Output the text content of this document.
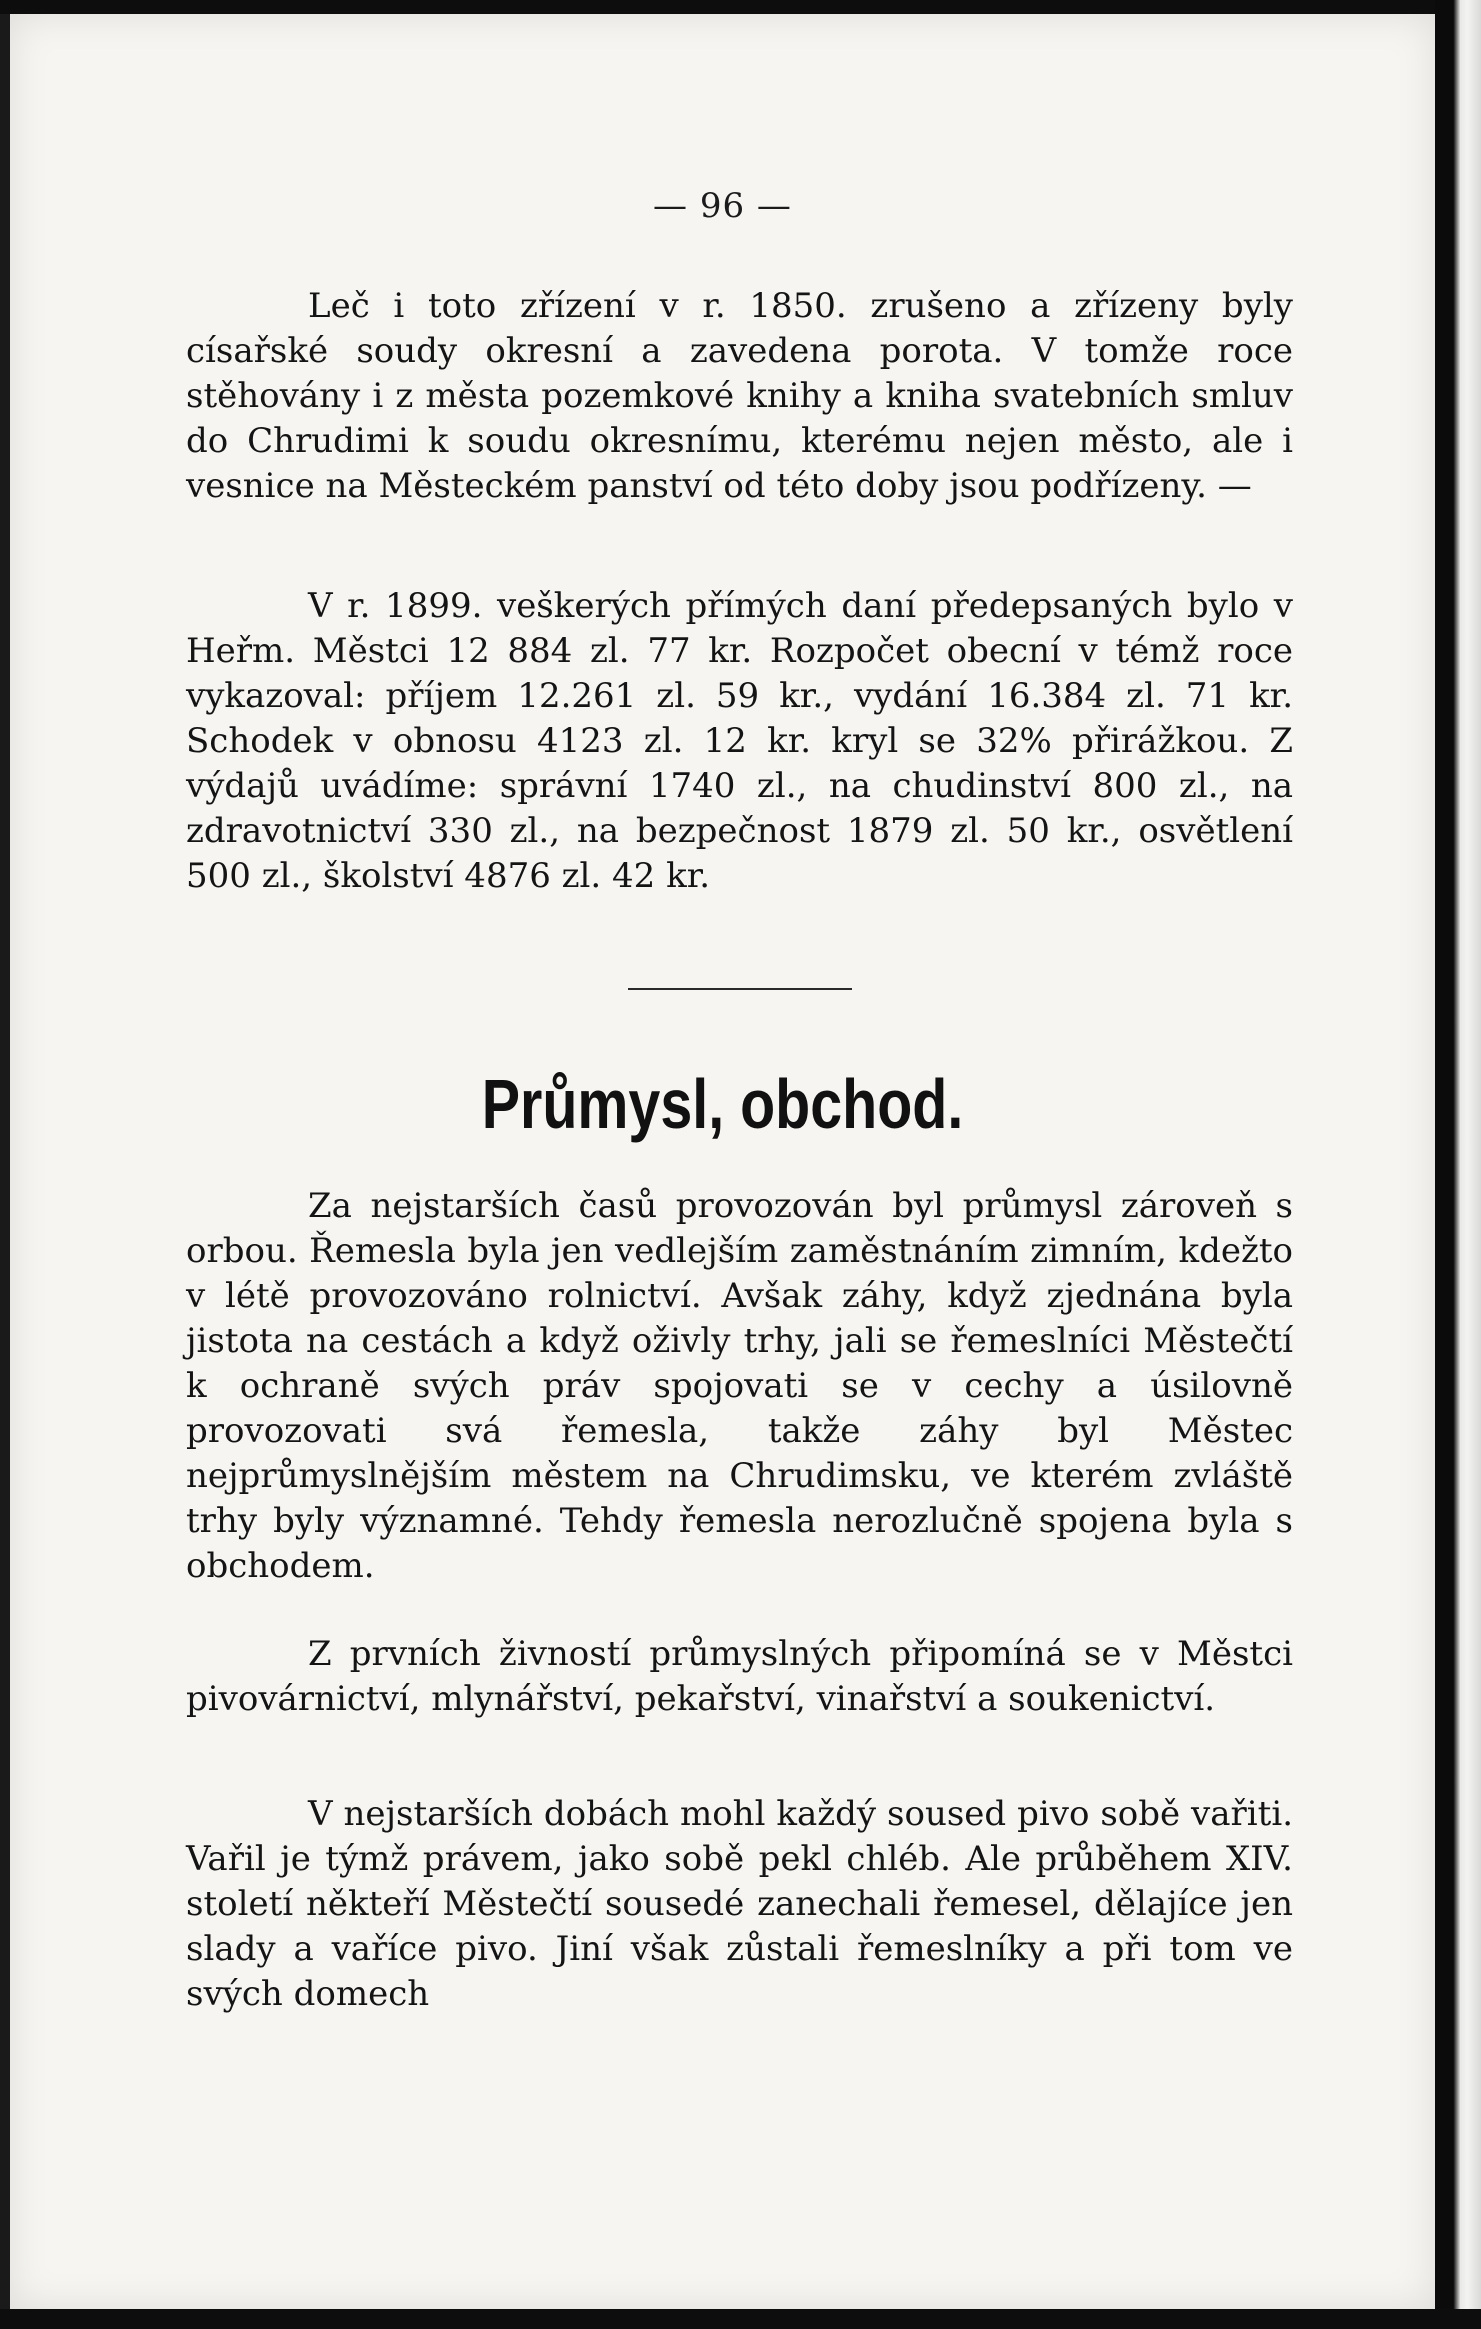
— 96 —

Leč i toto zřízení v r. 1850. zrušeno a zřízeny byly císařské soudy okresní a zavedena porota. V tomže roce stěhovány i z města pozemkové knihy a kniha svatebních smluv do Chrudimi k soudu okresnímu, kterému nejen město, ale i vesnice na Městeckém panství od této doby jsou podřízeny. —

V r. 1899. veškerých přímých daní předepsaných bylo v Heřm. Městci 12 884 zl. 77 kr. Rozpočet obecní v témž roce vykazoval: příjem 12.261 zl. 59 kr., vydání 16.384 zl. 71 kr. Schodek v obnosu 4123 zl. 12 kr. kryl se 32% přirážkou. Z výdajů uvádíme: správní 1740 zl., na chudinství 800 zl., na zdravotnictví 330 zl., na bezpečnost 1879 zl. 50 kr., osvětlení 500 zl., školství 4876 zl. 42 kr.

Průmysl, obchod.

Za nejstarších časů provozován byl průmysl zároveň s orbou. Řemesla byla jen vedlejším zaměstnáním zimním, kdežto v létě provozováno rolnictví. Avšak záhy, když zjednána byla jistota na cestách a když oživly trhy, jali se řemeslníci Městečtí k ochraně svých práv spojovati se v cechy a úsilovně provozovati svá řemesla, takže záhy byl Městec nejprůmyslnějším městem na Chrudimsku, ve kterém zvláště trhy byly významné. Tehdy řemesla nerozlučně spojena byla s obchodem.

Z prvních živností průmyslných připomíná se v Městci pivovárnictví, mlynářství, pekařství, vinařství a soukenictví.

V nejstarších dobách mohl každý soused pivo sobě vařiti. Vařil je týmž právem, jako sobě pekl chléb. Ale průběhem XIV. století někteří Městečtí sousedé zanechali řemesel, dělajíce jen slady a vaříce pivo. Jiní však zůstali řemeslníky a při tom ve svých domech
